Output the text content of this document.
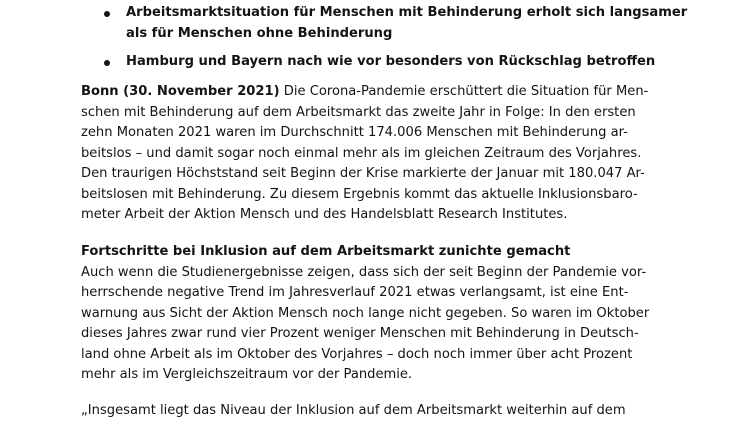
Arbeitsmarktsituation für Menschen mit Behinderung erholt sich langsamer
als für Menschen ohne Behinderung
Hamburg und Bayern nach wie vor besonders von Rückschlag betroffen

Bonn (30. November 2021) Die Corona-Pandemie erschüttert die Situation für Men-
schen mit Behinderung auf dem Arbeitsmarkt das zweite Jahr in Folge: In den ersten
zehn Monaten 2021 waren im Durchschnitt 174.006 Menschen mit Behinderung ar-
beitslos – und damit sogar noch einmal mehr als im gleichen Zeitraum des Vorjahres.
Den traurigen Höchststand seit Beginn der Krise markierte der Januar mit 180.047 Ar-
beitslosen mit Behinderung. Zu diesem Ergebnis kommt das aktuelle Inklusionsbaro-
meter Arbeit der Aktion Mensch und des Handelsblatt Research Institutes.

Fortschritte bei Inklusion auf dem Arbeitsmarkt zunichte gemacht
Auch wenn die Studienergebnisse zeigen, dass sich der seit Beginn der Pandemie vor-
herrschende negative Trend im Jahresverlauf 2021 etwas verlangsamt, ist eine Ent-
warnung aus Sicht der Aktion Mensch noch lange nicht gegeben. So waren im Oktober
dieses Jahres zwar rund vier Prozent weniger Menschen mit Behinderung in Deutsch-
land ohne Arbeit als im Oktober des Vorjahres – doch noch immer über acht Prozent
mehr als im Vergleichszeitraum vor der Pandemie.

„Insgesamt liegt das Niveau der Inklusion auf dem Arbeitsmarkt weiterhin auf dem
